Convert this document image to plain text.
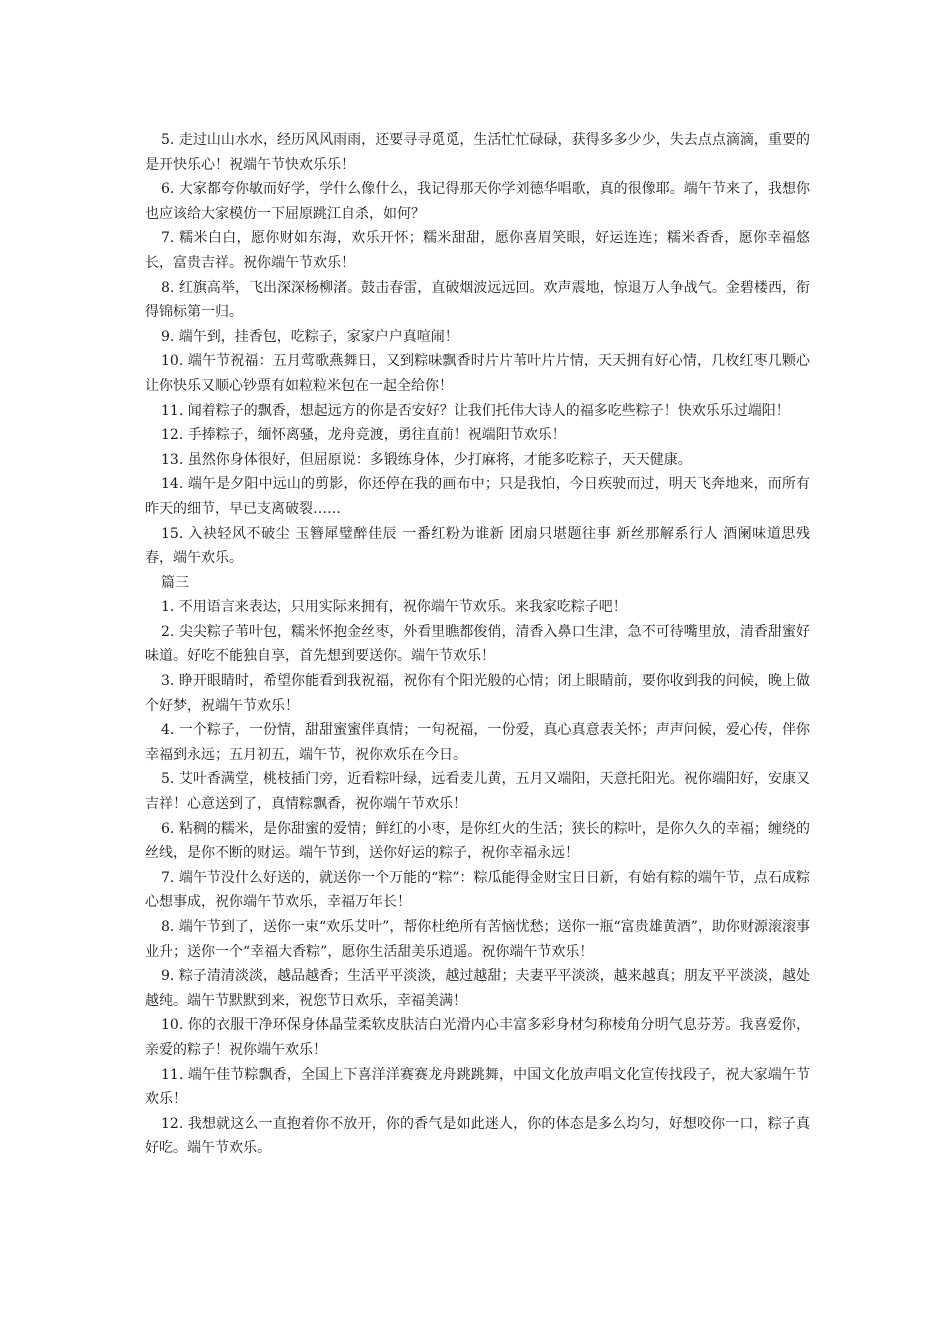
5. 走过山山水水，经历风风雨雨，还要寻寻觅觅，生活忙忙碌碌，获得多多少少，失去点点滴滴，重要的是开快乐心！祝端午节快欢乐乐！

6. 大家都夸你敏而好学，学什么像什么，我记得那天你学刘德华唱歌，真的很像耶。端午节来了，我想你也应该给大家模仿一下屈原跳江自杀，如何？

7. 糯米白白，愿你财如东海，欢乐开怀；糯米甜甜，愿你喜眉笑眼，好运连连；糯米香香，愿你幸福悠长，富贵吉祥。祝你端午节欢乐！

8. 红旗高举，飞出深深杨柳渚。鼓击春雷，直破烟波远远回。欢声震地，惊退万人争战气。金碧楼西，衔得锦标第一归。

9. 端午到，挂香包，吃粽子，家家户户真喧闹！

10. 端午节祝福：五月莺歌燕舞日，又到粽味飘香时片片苇叶片片情，天天拥有好心情，几枚红枣几颗心让你快乐又顺心钞票有如粒粒米包在一起全给你！

11. 闻着粽子的飘香，想起远方的你是否安好？让我们托伟大诗人的福多吃些粽子！快欢乐乐过端阳！

12. 手捧粽子，缅怀离骚，龙舟竞渡，勇往直前！祝端阳节欢乐！

13. 虽然你身体很好，但屈原说：多锻练身体，少打麻将，才能多吃粽子，天天健康。

14. 端午是夕阳中远山的剪影，你还停在我的画布中；只是我怕，今日疾驶而过，明天飞奔地来，而所有昨天的细节，早已支离破裂……

15. 入袂轻风不破尘 玉簪犀璧醉佳辰 一番红粉为谁新 团扇只堪题往事 新丝那解系行人 酒阑味道思残春，端午欢乐。

篇三

1. 不用语言来表达，只用实际来拥有，祝你端午节欢乐。来我家吃粽子吧！

2. 尖尖粽子苇叶包，糯米怀抱金丝枣，外看里瞧都俊俏，清香入鼻口生津，急不可待嘴里放，清香甜蜜好味道。好吃不能独自享，首先想到要送你。端午节欢乐！

3. 睁开眼睛时，希望你能看到我祝福，祝你有个阳光般的心情；闭上眼睛前，要你收到我的问候，晚上做个好梦，祝端午节欢乐！

4. 一个粽子，一份情，甜甜蜜蜜伴真情；一句祝福，一份爱，真心真意表关怀；声声问候，爱心传，伴你幸福到永远；五月初五，端午节，祝你欢乐在今日。

5. 艾叶香满堂，桃枝插门旁，近看粽叶绿，远看麦儿黄，五月又端阳，天意托阳光。祝你端阳好，安康又吉祥！心意送到了，真情粽飘香，祝你端午节欢乐！

6. 粘稠的糯米，是你甜蜜的爱情；鲜红的小枣，是你红火的生活；狭长的粽叶，是你久久的幸福；缠绕的丝线，是你不断的财运。端午节到，送你好运的粽子，祝你幸福永远！

7. 端午节没什么好送的，就送你一个万能的“粽”：粽瓜能得金财宝日日新，有始有粽的端午节，点石成粽心想事成，祝你端午节欢乐，幸福万年长！

8. 端午节到了，送你一束“欢乐艾叶”，帮你杜绝所有苦恼忧愁；送你一瓶“富贵雄黄酒”，助你财源滚滚事业升；送你一个“幸福大香粽”，愿你生活甜美乐逍遥。祝你端午节欢乐！

9. 粽子清清淡淡，越品越香；生活平平淡淡，越过越甜；夫妻平平淡淡，越来越真；朋友平平淡淡，越处越纯。端午节默默到来，祝您节日欢乐，幸福美满！

10. 你的衣服干净环保身体晶莹柔软皮肤洁白光滑内心丰富多彩身材匀称棱角分明气息芬芳。我喜爱你，亲爱的粽子！祝你端午欢乐！

11. 端午佳节粽飘香，全国上下喜洋洋赛赛龙舟跳跳舞，中国文化放声唱文化宣传找段子，祝大家端午节欢乐！

12. 我想就这么一直抱着你不放开，你的香气是如此迷人，你的体态是多么均匀，好想咬你一口，粽子真好吃。端午节欢乐。
